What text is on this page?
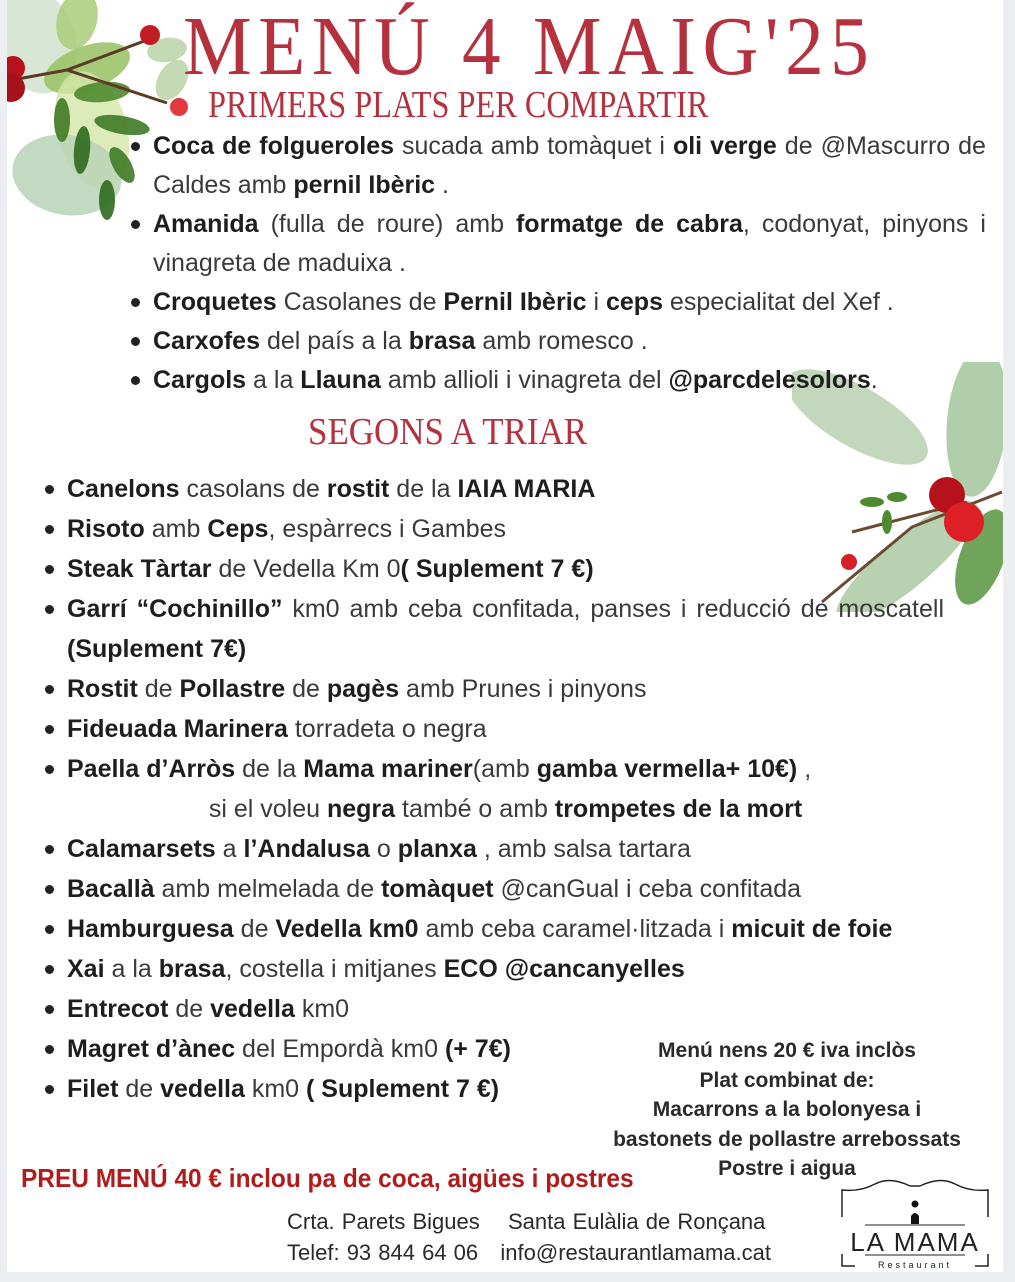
MENÚ 4 MAIG'25
PRIMERS PLATS PER COMPARTIR
Coca de folgueroles sucada amb tomàquet i oli verge de @Mascurro de Caldes amb pernil Ibèric .
Amanida (fulla de roure) amb formatge de cabra, codonyat, pinyons i vinagreta de maduixa .
Croquetes Casolanes de Pernil Ibèric i ceps especialitat del Xef .
Carxofes del país a la brasa amb romesco .
Cargols a la Llauna amb allioli i vinagreta del @parcdelesolors.
SEGONS A TRIAR
Canelons casolans de rostit de la IAIA MARIA
Risoto amb Ceps, espàrrecs i Gambes
Steak Tàrtar de Vedella Km 0( Suplement 7 €)
Garrí “Cochinillo” km0 amb ceba confitada, panses i reducció de moscatell (Suplement 7€)
Rostit de Pollastre de pagès amb Prunes i pinyons
Fideuada Marinera torradeta o negra
Paella d’Arròs de la Mama mariner(amb gamba vermella+ 10€) ,
si el voleu negra també o amb trompetes de la mort
Calamarsets a l’Andalusa o planxa , amb salsa tartara
Bacallà amb melmelada de tomàquet @canGual i ceba confitada
Hamburguesa de Vedella km0 amb ceba caramel·litzada i micuit de foie
Xai a la brasa, costella i mitjanes ECO @cancanyelles
Entrecot de vedella km0
Magret d’ànec del Empordà km0 (+ 7€)
Filet de vedella km0 ( Suplement 7 €)
Menú nens 20 € iva inclòs
Plat combinat de:
Macarrons a la bolonyesa i
bastonets de pollastre arrebossats
Postre i aigua
PREU MENÚ 40 € inclou pa de coca, aigües i postres
Crta. Parets Bigues Santa Eulàlia de Ronçana
Telef: 93 844 64 06 info@restaurantlamama.cat	LA MAMA
Restaurant
